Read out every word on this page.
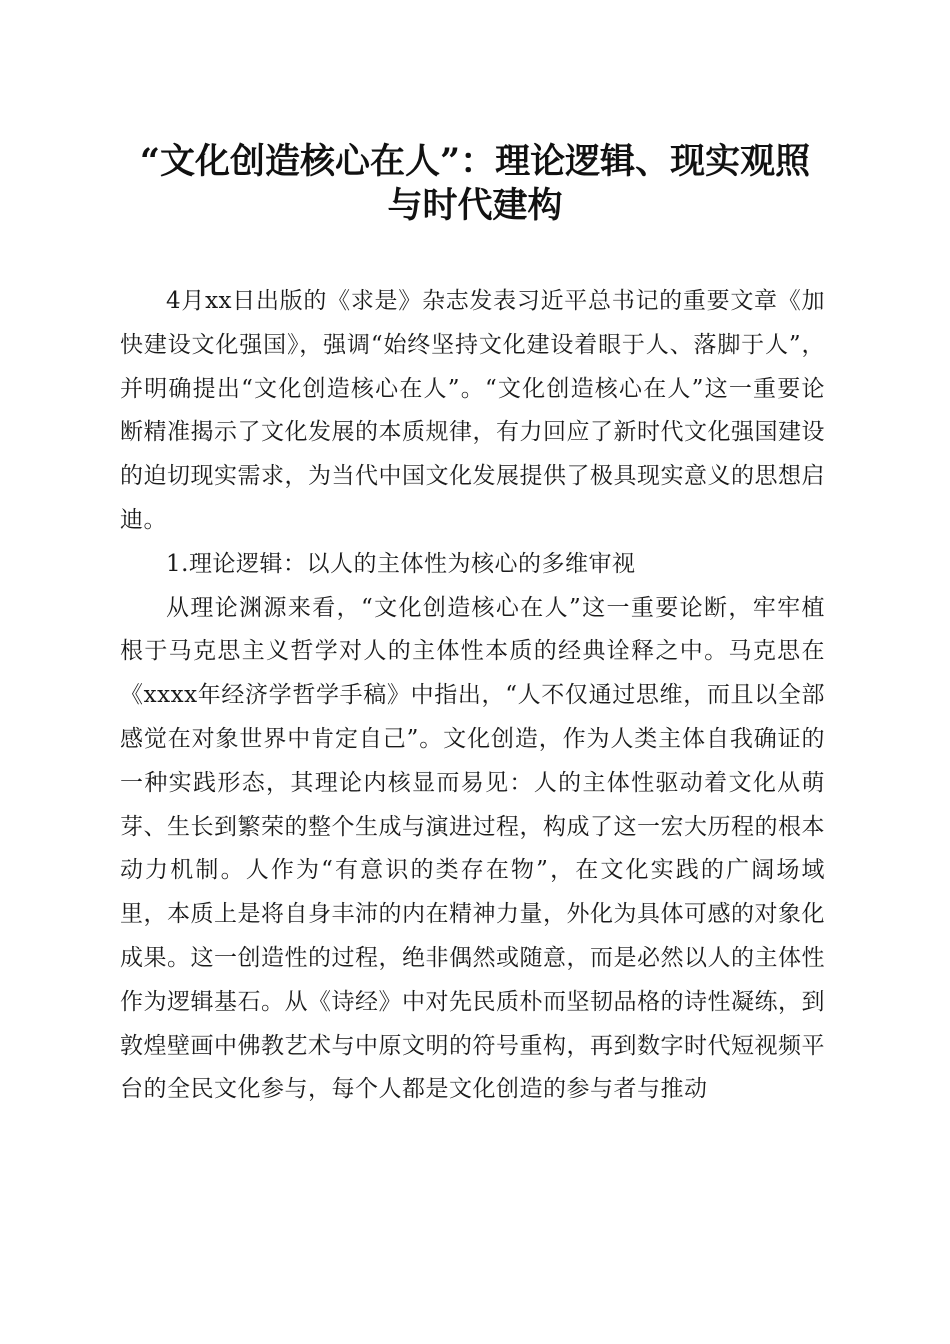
“文化创造核心在人”：理论逻辑、现实观照
与时代建构

4月xx日出版的《求是》杂志发表习近平总书记的重要文章《加快建设文化强国》，强调“始终坚持文化建设着眼于人、落脚于人”，并明确提出“文化创造核心在人”。“文化创造核心在人”这一重要论断精准揭示了文化发展的本质规律，有力回应了新时代文化强国建设的迫切现实需求，为当代中国文化发展提供了极具现实意义的思想启迪。

1.理论逻辑：以人的主体性为核心的多维审视

从理论渊源来看，“文化创造核心在人”这一重要论断，牢牢植根于马克思主义哲学对人的主体性本质的经典诠释之中。马克思在《xxxx年经济学哲学手稿》中指出，“人不仅通过思维，而且以全部感觉在对象世界中肯定自己”。文化创造，作为人类主体自我确证的一种实践形态，其理论内核显而易见：人的主体性驱动着文化从萌芽、生长到繁荣的整个生成与演进过程，构成了这一宏大历程的根本动力机制。人作为“有意识的类存在物”，在文化实践的广阔场域里，本质上是将自身丰沛的内在精神力量，外化为具体可感的对象化成果。这一创造性的过程，绝非偶然或随意，而是必然以人的主体性作为逻辑基石。从《诗经》中对先民质朴而坚韧品格的诗性凝练，到敦煌壁画中佛教艺术与中原文明的符号重构，再到数字时代短视频平台的全民文化参与，每个人都是文化创造的参与者与推动
